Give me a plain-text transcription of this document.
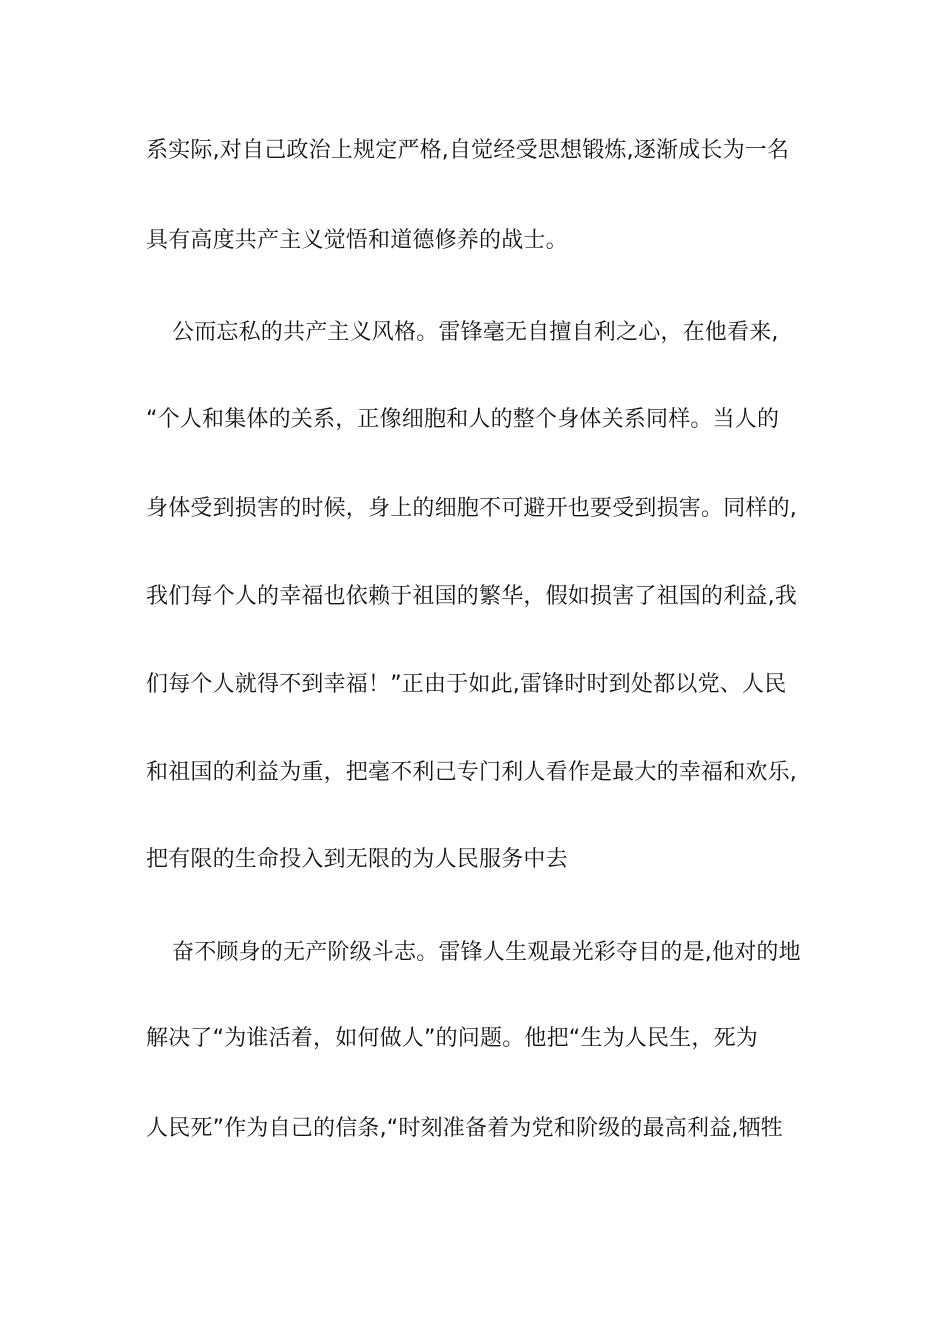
系实际,对自己政治上规定严格,自觉经受思想锻炼,逐渐成长为一名
具有高度共产主义觉悟和道德修养的战士。
公而忘私的共产主义风格。雷锋毫无自擅自利之心，在他看来,
“个人和集体的关系，正像细胞和人的整个身体关系同样。当人的
身体受到损害的时候，身上的细胞不可避开也要受到损害。同样的,
我们每个人的幸福也依赖于祖国的繁华，假如损害了祖国的利益,我
们每个人就得不到幸福！”正由于如此,雷锋时时到处都以党、人民
和祖国的利益为重，把毫不利己专门利人看作是最大的幸福和欢乐,
把有限的生命投入到无限的为人民服务中去
奋不顾身的无产阶级斗志。雷锋人生观最光彩夺目的是,他对的地
解决了“为谁活着，如何做人”的问题。他把“生为人民生，死为
人民死”作为自己的信条,“时刻准备着为党和阶级的最高利益,牺牲
